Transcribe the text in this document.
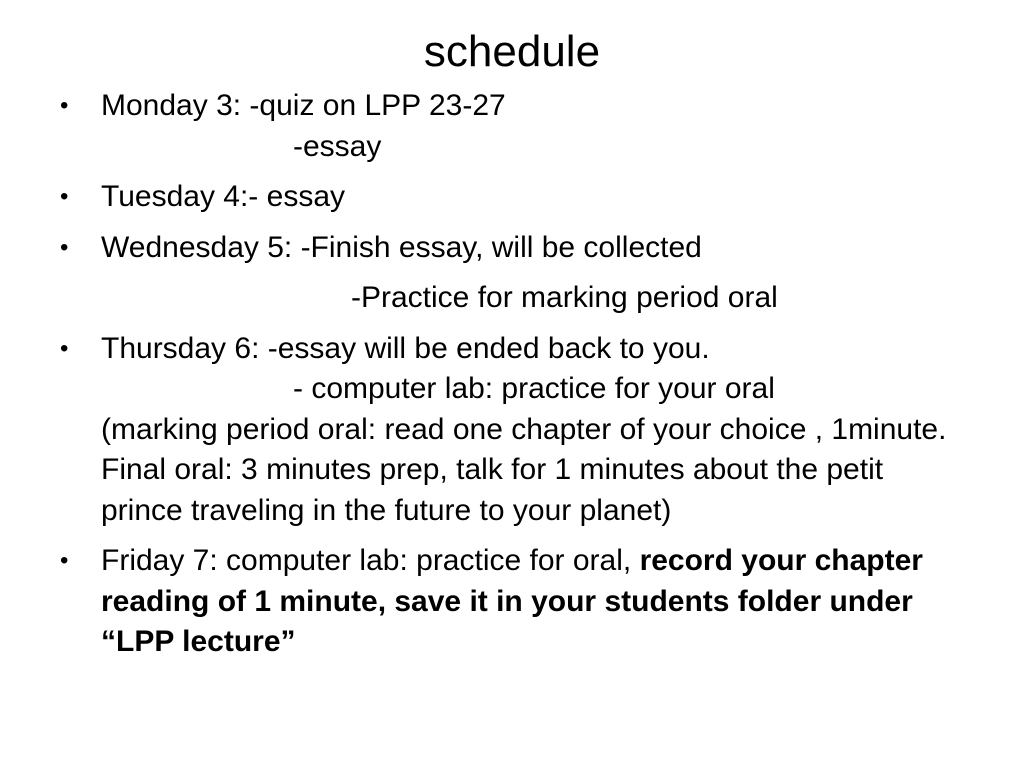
schedule
• Monday 3: -quiz on LPP 23-27
-essay
• Tuesday 4:- essay
• Wednesday 5: -Finish essay, will be collected
-Practice for marking period oral
• Thursday 6: -essay will be ended back to you.
- computer lab: practice for your oral
(marking period oral: read one chapter of your choice , 1minute. Final oral: 3 minutes prep, talk for 1 minutes about the petit prince traveling in the future to your planet)
• Friday 7: computer lab: practice for oral, record your chapter reading of 1 minute, save it in your students folder under “LPP lecture”
